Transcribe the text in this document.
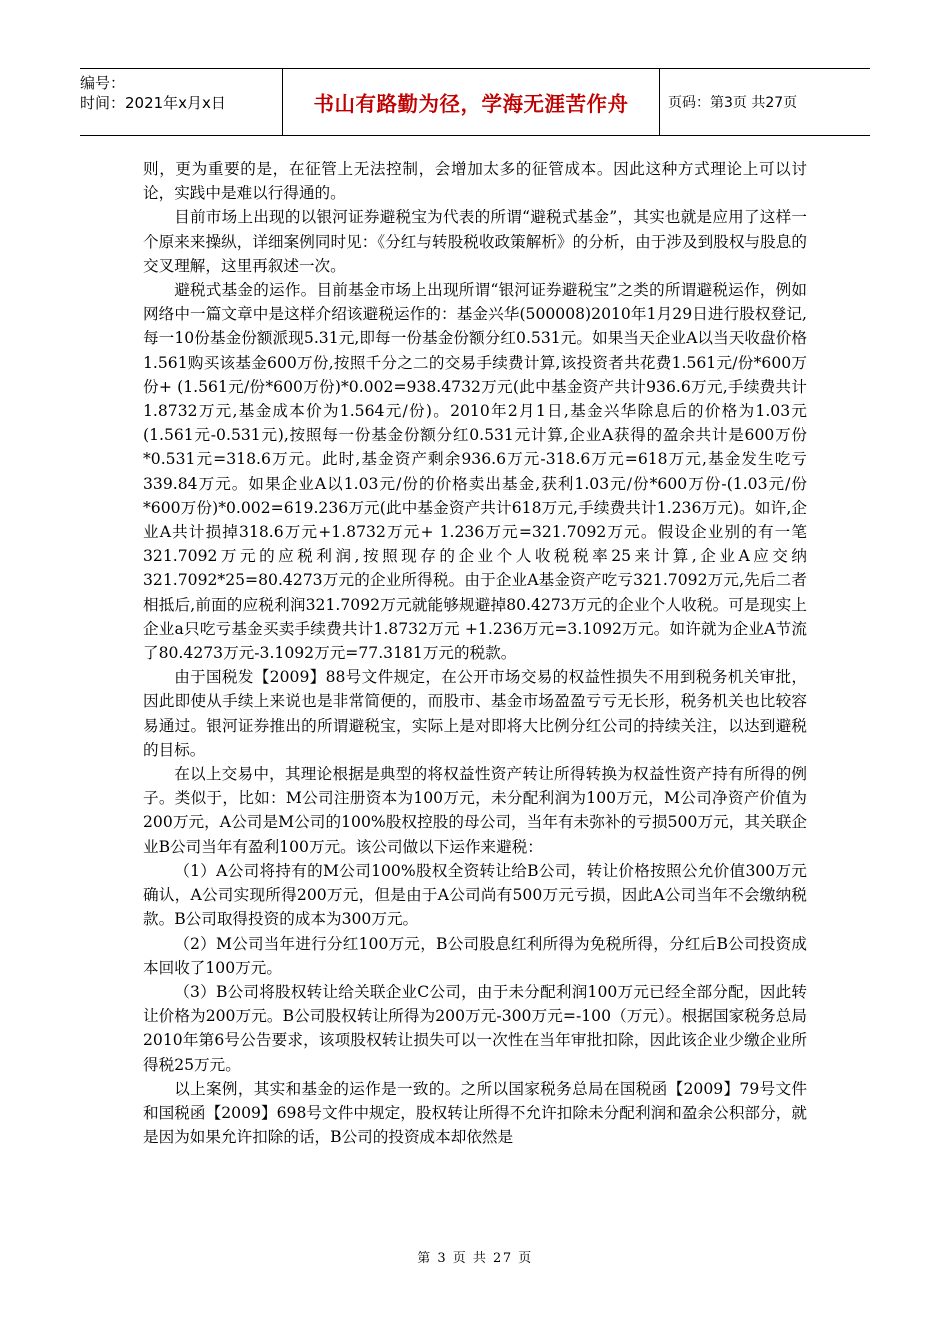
编号：
时间：2021年x月x日	书山有路勤为径，学海无涯苦作舟	页码：第3页 共27页

则，更为重要的是，在征管上无法控制，会增加太多的征管成本。因此这种方式理论上可以讨论，实践中是难以行得通的。

目前市场上出现的以银河证券避税宝为代表的所谓“避税式基金”，其实也就是应用了这样一个原来来操纵，详细案例同时见：《分红与转股税收政策解析》的分析，由于涉及到股权与股息的交叉理解，这里再叙述一次。

避税式基金的运作。目前基金市场上出现所谓“银河证券避税宝”之类的所谓避税运作，例如网络中一篇文章中是这样介绍该避税运作的：基金兴华(500008)2010年1月29日进行股权登记,每一10份基金份额派现5.31元,即每一份基金份额分红0.531元。如果当天企业A以当天收盘价格1.561购买该基金600万份,按照千分之二的交易手续费计算,该投资者共花费1.561元/份*600万份+ (1.561元/份*600万份)*0.002=938.4732万元(此中基金资产共计936.6万元,手续费共计1.8732万元,基金成本价为1.564元/份)。2010年2月1日,基金兴华除息后的价格为1.03元(1.561元-0.531元),按照每一份基金份额分红0.531元计算,企业A获得的盈余共计是600万份*0.531元=318.6万元。此时,基金资产剩余936.6万元-318.6万元=618万元,基金发生吃亏339.84万元。如果企业A以1.03元/份的价格卖出基金,获利1.03元/份*600万份-(1.03元/份*600万份)*0.002=619.236万元(此中基金资产共计618万元,手续费共计1.236万元)。如许,企业A共计损掉318.6万元+1.8732万元+ 1.236万元=321.7092万元。假设企业别的有一笔321.7092万元的应税利润,按照现存的企业个人收税税率25来计算,企业A应交纳321.7092*25=80.4273万元的企业所得税。由于企业A基金资产吃亏321.7092万元,先后二者相抵后,前面的应税利润321.7092万元就能够规避掉80.4273万元的企业个人收税。可是现实上企业a只吃亏基金买卖手续费共计1.8732万元 +1.236万元=3.1092万元。如许就为企业A节流了80.4273万元-3.1092万元=77.3181万元的税款。

由于国税发【2009】88号文件规定，在公开市场交易的权益性损失不用到税务机关审批，因此即使从手续上来说也是非常简便的，而股市、基金市场盈盈亏亏无长形，税务机关也比较容易通过。银河证券推出的所谓避税宝，实际上是对即将大比例分红公司的持续关注，以达到避税的目标。

在以上交易中，其理论根据是典型的将权益性资产转让所得转换为权益性资产持有所得的例子。类似于，比如：M公司注册资本为100万元，未分配利润为100万元，M公司净资产价值为200万元，A公司是M公司的100%股权控股的母公司，当年有未弥补的亏损500万元，其关联企业B公司当年有盈利100万元。该公司做以下运作来避税：

（1）A公司将持有的M公司100%股权全资转让给B公司，转让价格按照公允价值300万元确认，A公司实现所得200万元，但是由于A公司尚有500万元亏损，因此A公司当年不会缴纳税款。B公司取得投资的成本为300万元。

（2）M公司当年进行分红100万元，B公司股息红利所得为免税所得，分红后B公司投资成本回收了100万元。

（3）B公司将股权转让给关联企业C公司，由于未分配利润100万元已经全部分配，因此转让价格为200万元。B公司股权转让所得为200万元-300万元=-100（万元）。根据国家税务总局2010年第6号公告要求，该项股权转让损失可以一次性在当年审批扣除，因此该企业少缴企业所得税25万元。

以上案例，其实和基金的运作是一致的。之所以国家税务总局在国税函【2009】79号文件和国税函【2009】698号文件中规定，股权转让所得不允许扣除未分配利润和盈余公积部分，就是因为如果允许扣除的话，B公司的投资成本却依然是

第 3 页 共 27 页
